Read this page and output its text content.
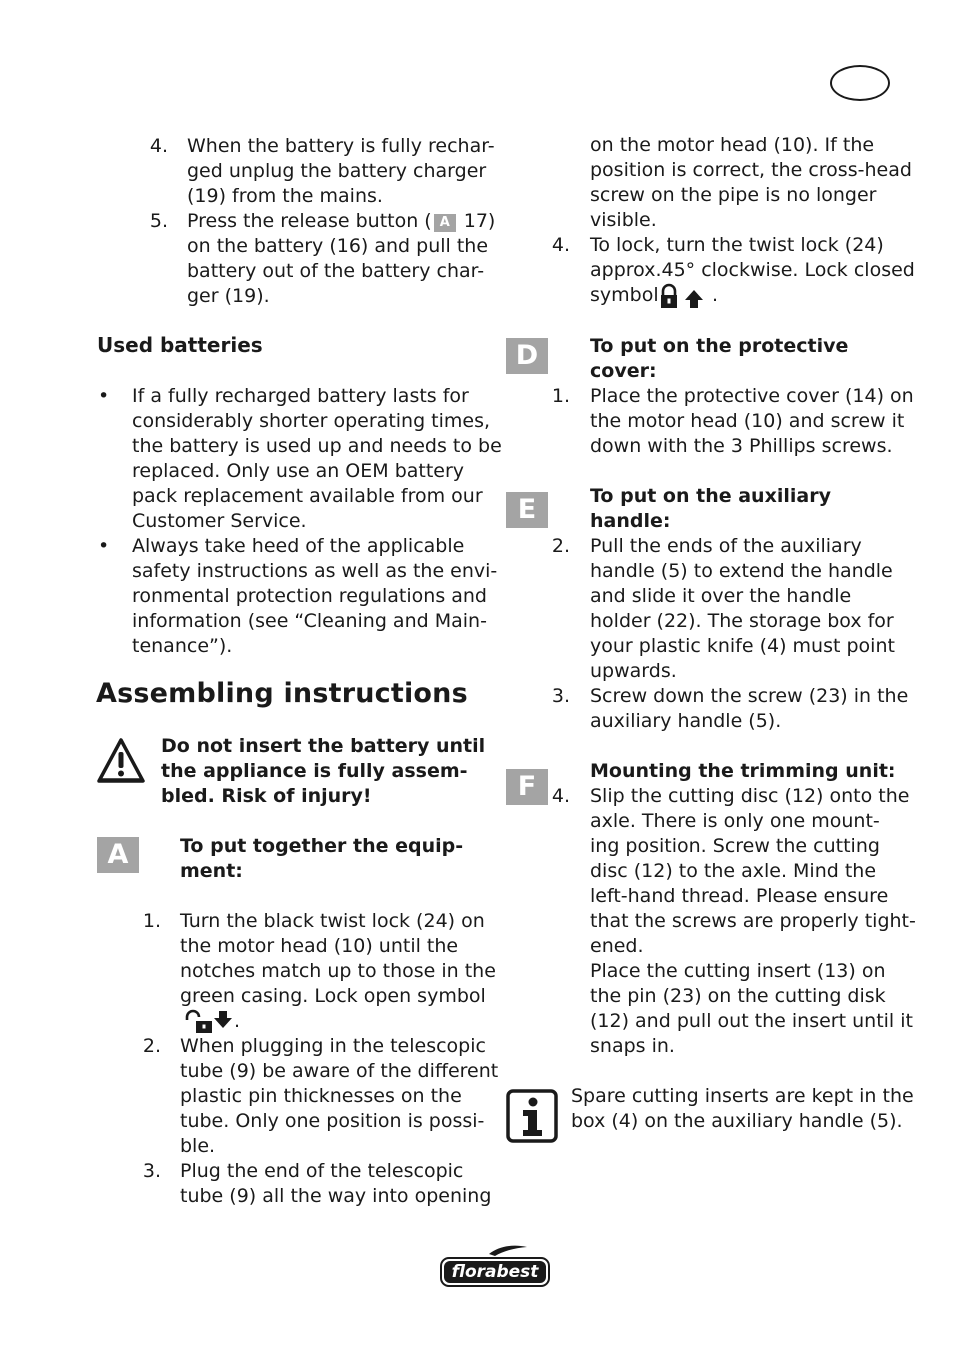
4. When the battery is fully rechar-
ged unplug the battery charger
(19) from the mains.
5. Press the release button ( A 17)
on the battery (16) and pull the
battery out of the battery char-
ger (19).
Used batteries
• If a fully recharged battery lasts for
considerably shorter operating times,
the battery is used up and needs to be
replaced. Only use an OEM battery
pack replacement available from our
Customer Service.
• Always take heed of the applicable
safety instructions as well as the envi-
ronmental protection regulations and
information (see “Cleaning and Main-
tenance”).
Assembling instructions
Do not insert the battery until
the appliance is fully assem-
bled. Risk of injury!
A	To put together the equip-
ment:
1. Turn the black twist lock (24) on
the motor head (10) until the
notches match up to those in the
green casing. Lock open symbol
.
2. When plugging in the telescopic
tube (9) be aware of the different
plastic pin thicknesses on the
tube. Only one position is possi-
ble.
3. Plug the end of the telescopic
tube (9) all the way into opening
on the motor head (10). If the
position is correct, the cross-head
screw on the pipe is no longer
visible.
4. To lock, turn the twist lock (24)
approx.45° clockwise. Lock closed
symbol	.
D	To put on the protective
cover:
1. Place the protective cover (14) on
the motor head (10) and screw it
down with the 3 Phillips screws.
E	To put on the auxiliary
handle:
2. Pull the ends of the auxiliary
handle (5) to extend the handle
and slide it over the handle
holder (22). The storage box for
your plastic knife (4) must point
upwards.
3. Screw down the screw (23) in the
auxiliary handle (5).
F	Mounting the trimming unit:
4. Slip the cutting disc (12) onto the
axle. There is only one mount-
ing position. Screw the cutting
disc (12) to the axle. Mind the
left-hand thread. Please ensure
that the screws are properly tight-
ened.
Place the cutting insert (13) on
the pin (23) on the cutting disk
(12) and pull out the insert until it
snaps in.
Spare cutting inserts are kept in the
box (4) on the auxiliary handle (5).
florabest
